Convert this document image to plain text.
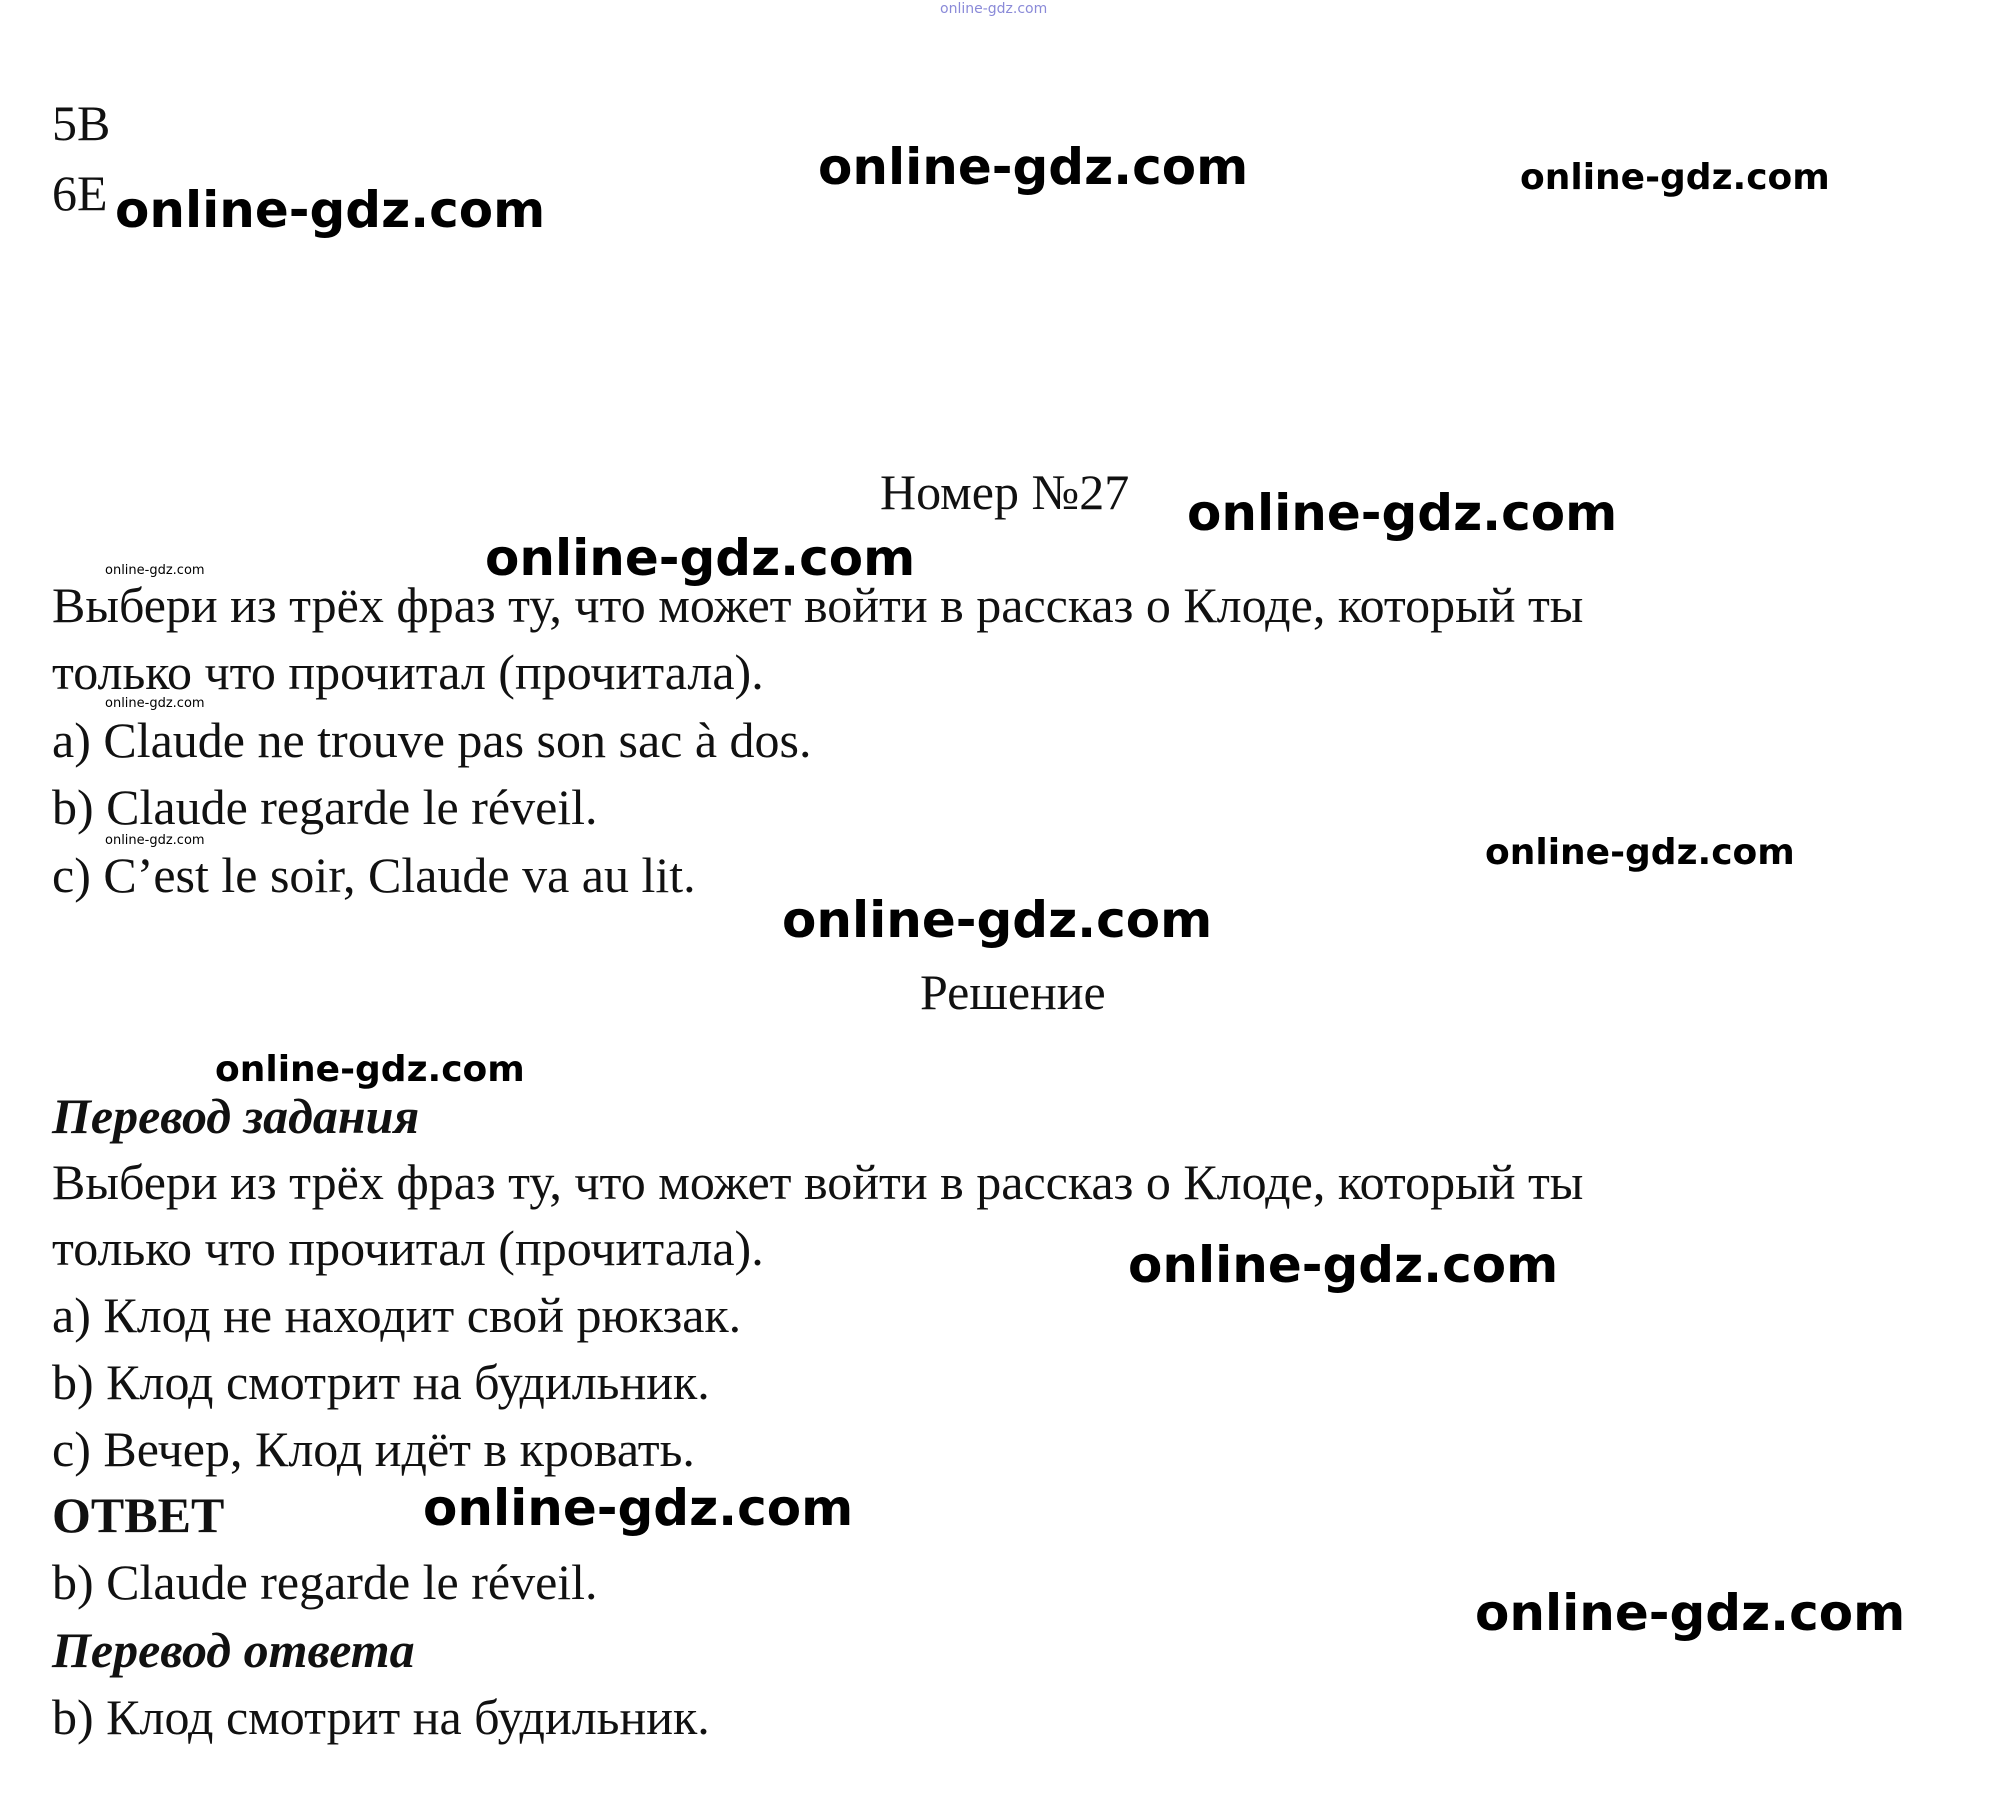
online-gdz.com
5B
6E
Номер №27
Выбери из трёх фраз ту, что может войти в рассказ о Клоде, который ты
только что прочитал (прочитала).
a) Claude ne trouve pas son sac à dos.
b) Claude regarde le réveil.
c) C’est le soir, Claude va au lit.
Решение
Перевод задания
Выбери из трёх фраз ту, что может войти в рассказ о Клоде, который ты
только что прочитал (прочитала).
a) Клод не находит свой рюкзак.
b) Клод смотрит на будильник.
c) Вечер, Клод идёт в кровать.
ОТВЕТ
b) Claude regarde le réveil.
Перевод ответа
b) Клод смотрит на будильник.
online-gdz.com
online-gdz.com	online-gdz.com
online-gdz.com
online-gdz.com
online-gdz.com
online-gdz.com
online-gdz.com	online-gdz.com
online-gdz.com
online-gdz.com
online-gdz.com
online-gdz.com
online-gdz.com
